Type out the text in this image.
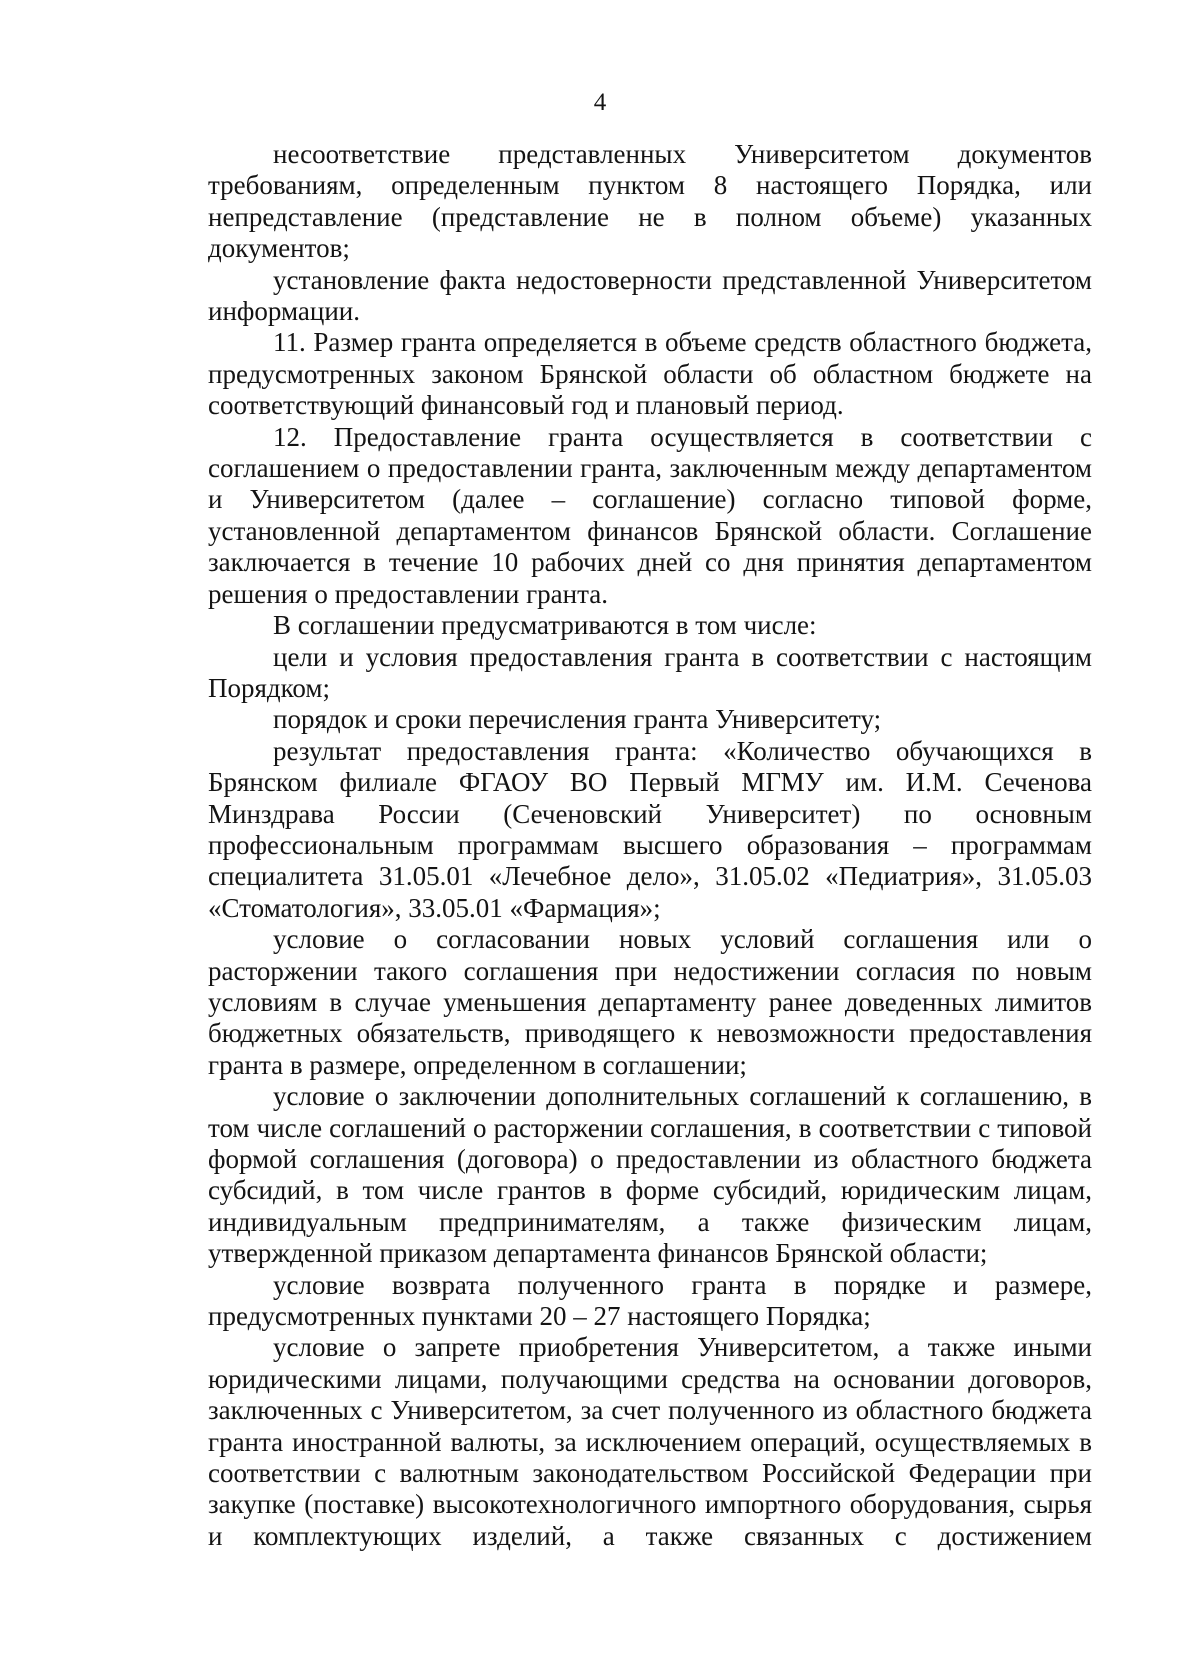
4

несоответствие представленных Университетом документов требованиям, определенным пунктом 8 настоящего Порядка, или непредставление (представление не в полном объеме) указанных документов;

установление факта недостоверности представленной Университетом информации.

11. Размер гранта определяется в объеме средств областного бюджета, предусмотренных законом Брянской области об областном бюджете на соответствующий финансовый год и плановый период.

12. Предоставление гранта осуществляется в соответствии с соглашением о предоставлении гранта, заключенным между департаментом и Университетом (далее – соглашение) согласно типовой форме, установленной департаментом финансов Брянской области. Соглашение заключается в течение 10 рабочих дней со дня принятия департаментом решения о предоставлении гранта.

В соглашении предусматриваются в том числе:

цели и условия предоставления гранта в соответствии с настоящим Порядком;

порядок и сроки перечисления гранта Университету;

результат предоставления гранта: «Количество обучающихся в Брянском филиале ФГАОУ ВО Первый МГМУ им. И.М. Сеченова Минздрава России (Сеченовский Университет) по основным профессиональным программам высшего образования – программам специалитета 31.05.01 «Лечебное дело», 31.05.02 «Педиатрия», 31.05.03 «Стоматология», 33.05.01 «Фармация»;

условие о согласовании новых условий соглашения или о расторжении такого соглашения при недостижении согласия по новым условиям в случае уменьшения департаменту ранее доведенных лимитов бюджетных обязательств, приводящего к невозможности предоставления гранта в размере, определенном в соглашении;

условие о заключении дополнительных соглашений к соглашению, в том числе соглашений о расторжении соглашения, в соответствии с типовой формой соглашения (договора) о предоставлении из областного бюджета субсидий, в том числе грантов в форме субсидий, юридическим лицам, индивидуальным предпринимателям, а также физическим лицам, утвержденной приказом департамента финансов Брянской области;

условие возврата полученного гранта в порядке и размере, предусмотренных пунктами 20 – 27 настоящего Порядка;

условие о запрете приобретения Университетом, а также иными юридическими лицами, получающими средства на основании договоров, заключенных с Университетом, за счет полученного из областного бюджета гранта иностранной валюты, за исключением операций, осуществляемых в соответствии с валютным законодательством Российской Федерации при закупке (поставке) высокотехнологичного импортного оборудования, сырья и комплектующих изделий, а также связанных с достижением
